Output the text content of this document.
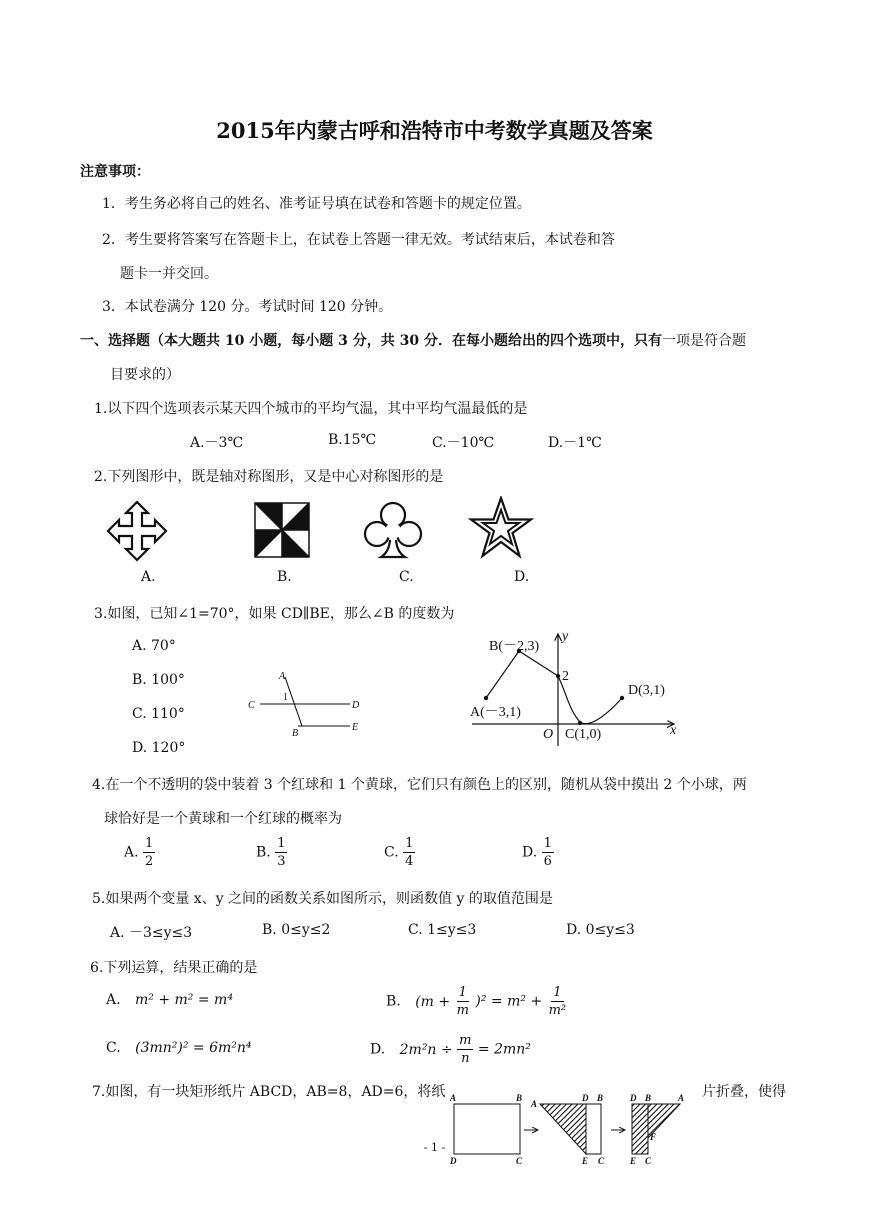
2015年内蒙古呼和浩特市中考数学真题及答案
注意事项：
1．考生务必将自己的姓名、准考证号填在试卷和答题卡的规定位置。
2．考生要将答案写在答题卡上，在试卷上答题一律无效。考试结束后，本试卷和答
题卡一并交回。
3．本试卷满分 120 分。考试时间 120 分钟。
一、选择题（本大题共 10 小题，每小题 3 分，共 30 分．在每小题给出的四个选项中，只有一项是符合题
目要求的）
1.以下四个选项表示某天四个城市的平均气温，其中平均气温最低的是
A.－3℃	B.15℃	C.－10℃	D.－1℃
2.下列图形中，既是轴对称图形，又是中心对称图形的是
A.	B.	C.	D.
3.如图，已知∠1=70°，如果 CD∥BE，那么∠B 的度数为
A. 70°
B. 100°
C. 110°
D. 120°
A
1
C	D
B
E
y
x
O
B(－2,3)
2
D(3,1)
A(－3,1)
C(1,0)
4.在一个不透明的袋中装着 3 个红球和 1 个黄球，它们只有颜色上的区别，随机从袋中摸出 2 个小球，两
球恰好是一个黄球和一个红球的概率为
A. $\frac{1}{2}$	B. $\frac{1}{3}$	C. $\frac{1}{4}$	D. $\frac{1}{6}$
5.如果两个变量 x、y 之间的函数关系如图所示，则函数值 y 的取值范围是
A. －3≤y≤3	B. 0≤y≤2	C. 1≤y≤3	D. 0≤y≤3
6.下列运算，结果正确的是
A. m² + m² = m⁴	B. $(m + \frac{1}{m} )^2 = m^2 + \frac{1}{\text{m²}}$
C. (3mn²)² = 6m²n⁴	D. $2m^2n \div \frac{m}{n} = 2mn^2$
7.如图，有一块矩形纸片 ABCD，AB=8，AD=6，将纸	片折叠，使得
A	B
D	C
A
D B
E C
D B	A
F
E C
- 1 -
